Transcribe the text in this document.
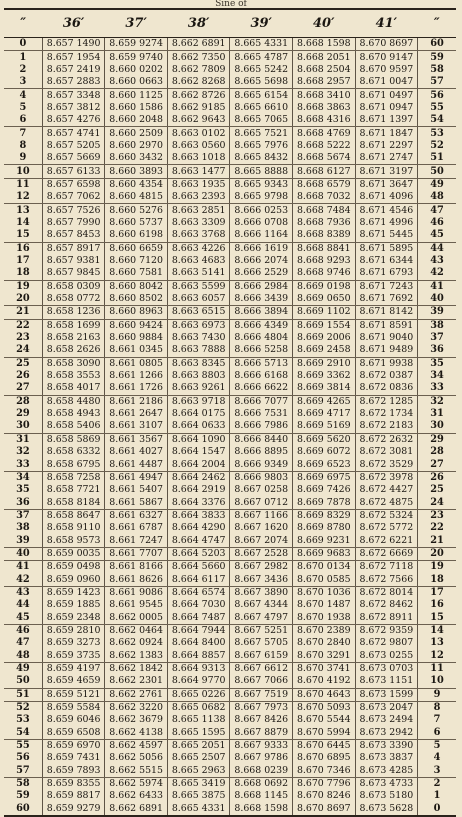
Sine of
″	36′	37′	38′	39′	40′	41′	″
0	8.657 1490	8.659 9274	8.662 6891	8.665 4331	8.668 1598	8.670 8697	60
1	8.657 1954	8.659 9740	8.662 7350	8.665 4787	8.668 2051	8.670 9147	59
2	8.657 2419	8.660 0202	8.662 7809	8.665 5242	8.668 2504	8.670 9597	58
3	8.657 2883	8.660 0663	8.662 8268	8.665 5698	8.668 2957	8.671 0047	57
4	8.657 3348	8.660 1125	8.662 8726	8.665 6154	8.668 3410	8.671 0497	56
5	8.657 3812	8.660 1586	8.662 9185	8.665 6610	8.668 3863	8.671 0947	55
6	8.657 4276	8.660 2048	8.662 9643	8.665 7065	8.668 4316	8.671 1397	54
7	8.657 4741	8.660 2509	8.663 0102	8.665 7521	8.668 4769	8.671 1847	53
8	8.657 5205	8.660 2970	8.663 0560	8.665 7976	8.668 5222	8.671 2297	52
9	8.657 5669	8.660 3432	8.663 1018	8.665 8432	8.668 5674	8.671 2747	51
10	8.657 6133	8.660 3893	8.663 1477	8.665 8888	8.668 6127	8.671 3197	50
11	8.657 6598	8.660 4354	8.663 1935	8.665 9343	8.668 6579	8.671 3647	49
12	8.657 7062	8.660 4815	8.663 2393	8.665 9798	8.668 7032	8.671 4096	48
13	8.657 7526	8.660 5276	8.663 2851	8.666 0253	8.668 7484	8.671 4546	47
14	8.657 7990	8.660 5737	8.663 3309	8.666 0708	8.668 7936	8.671 4996	46
15	8.657 8453	8.660 6198	8.663 3768	8.666 1164	8.668 8389	8.671 5445	45
16	8.657 8917	8.660 6659	8.663 4226	8.666 1619	8.668 8841	8.671 5895	44
17	8.657 9381	8.660 7120	8.663 4683	8.666 2074	8.668 9293	8.671 6344	43
18	8.657 9845	8.660 7581	8.663 5141	8.666 2529	8.668 9746	8.671 6793	42
19	8.658 0309	8.660 8042	8.663 5599	8.666 2984	8.669 0198	8.671 7243	41
20	8.658 0772	8.660 8502	8.663 6057	8.666 3439	8.669 0650	8.671 7692	40
21	8.658 1236	8.660 8963	8.663 6515	8.666 3894	8.669 1102	8.671 8142	39
22	8.658 1699	8.660 9424	8.663 6973	8.666 4349	8.669 1554	8.671 8591	38
23	8.658 2163	8.660 9884	8.663 7430	8.666 4804	8.669 2006	8.671 9040	37
24	8.658 2626	8.661 0345	8.663 7888	8.666 5258	8.669 2458	8.671 9489	36
25	8.658 3090	8.661 0805	8.663 8345	8.666 5713	8.669 2910	8.671 9938	35
26	8.658 3553	8.661 1266	8.663 8803	8.666 6168	8.669 3362	8.672 0387	34
27	8.658 4017	8.661 1726	8.663 9261	8.666 6622	8.669 3814	8.672 0836	33
28	8.658 4480	8.661 2186	8.663 9718	8.666 7077	8.669 4265	8.672 1285	32
29	8.658 4943	8.661 2647	8.664 0175	8.666 7531	8.669 4717	8.672 1734	31
30	8.658 5406	8.661 3107	8.664 0633	8.666 7986	8.669 5169	8.672 2183	30
31	8.658 5869	8.661 3567	8.664 1090	8.666 8440	8.669 5620	8.672 2632	29
32	8.658 6332	8.661 4027	8.664 1547	8.666 8895	8.669 6072	8.672 3081	28
33	8.658 6795	8.661 4487	8.664 2004	8.666 9349	8.669 6523	8.672 3529	27
34	8.658 7258	8.661 4947	8.664 2462	8.666 9803	8.669 6975	8.672 3978	26
35	8.658 7721	8.661 5407	8.664 2919	8.667 0258	8.669 7426	8.672 4427	25
36	8.658 8184	8.661 5867	8.664 3376	8.667 0712	8.669 7878	8.672 4875	24
37	8.658 8647	8.661 6327	8.664 3833	8.667 1166	8.669 8329	8.672 5324	23
38	8.658 9110	8.661 6787	8.664 4290	8.667 1620	8.669 8780	8.672 5772	22
39	8.658 9573	8.661 7247	8.664 4747	8.667 2074	8.669 9231	8.672 6221	21
40	8.659 0035	8.661 7707	8.664 5203	8.667 2528	8.669 9683	8.672 6669	20
41	8.659 0498	8.661 8166	8.664 5660	8.667 2982	8.670 0134	8.672 7118	19
42	8.659 0960	8.661 8626	8.664 6117	8.667 3436	8.670 0585	8.672 7566	18
43	8.659 1423	8.661 9086	8.664 6574	8.667 3890	8.670 1036	8.672 8014	17
44	8.659 1885	8.661 9545	8.664 7030	8.667 4344	8.670 1487	8.672 8462	16
45	8.659 2348	8.662 0005	8.664 7487	8.667 4797	8.670 1938	8.672 8911	15
46	8.659 2810	8.662 0464	8.664 7944	8.667 5251	8.670 2389	8.672 9359	14
47	8.659 3273	8.662 0924	8.664 8400	8.667 5705	8.670 2840	8.672 9807	13
48	8.659 3735	8.662 1383	8.664 8857	8.667 6159	8.670 3291	8.673 0255	12
49	8.659 4197	8.662 1842	8.664 9313	8.667 6612	8.670 3741	8.673 0703	11
50	8.659 4659	8.662 2301	8.664 9770	8.667 7066	8.670 4192	8.673 1151	10
51	8.659 5121	8.662 2761	8.665 0226	8.667 7519	8.670 4643	8.673 1599	9
52	8.659 5584	8.662 3220	8.665 0682	8.667 7973	8.670 5093	8.673 2047	8
53	8.659 6046	8.662 3679	8.665 1138	8.667 8426	8.670 5544	8.673 2494	7
54	8.659 6508	8.662 4138	8.665 1595	8.667 8879	8.670 5994	8.673 2942	6
55	8.659 6970	8.662 4597	8.665 2051	8.667 9333	8.670 6445	8.673 3390	5
56	8.659 7431	8.662 5056	8.665 2507	8.667 9786	8.670 6895	8.673 3837	4
57	8.659 7893	8.662 5515	8.665 2963	8.668 0239	8.670 7346	8.673 4285	3
58	8.659 8355	8.662 5974	8.665 3419	8.668 0692	8.670 7796	8.673 4733	2
59	8.659 8817	8.662 6433	8.665 3875	8.668 1145	8.670 8246	8.673 5180	1
60	8.659 9279	8.662 6891	8.665 4331	8.668 1598	8.670 8697	8.673 5628	0
